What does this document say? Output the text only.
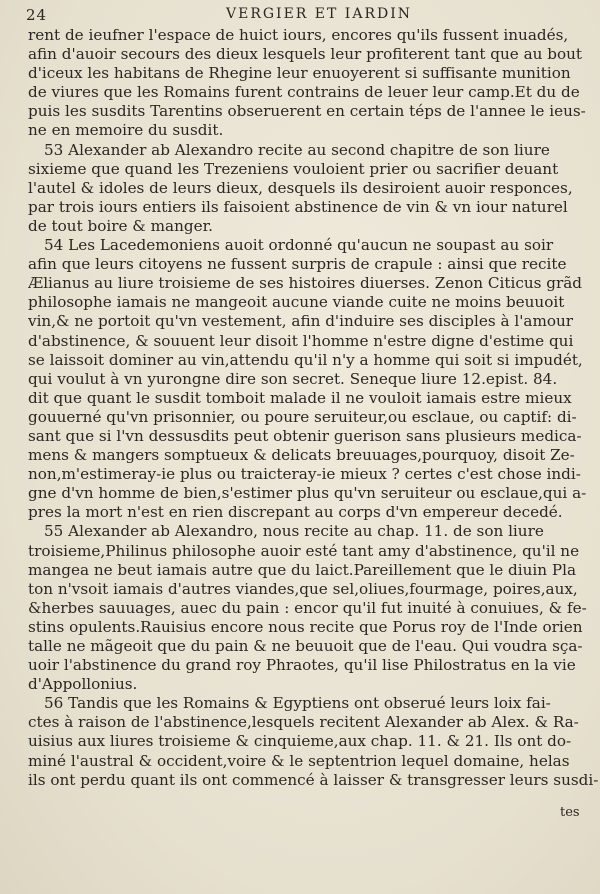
24	VERGIER ET IARDIN
rent de ieufner l'espace de huict iours, encores qu'ils fussent inuadés,
afin d'auoir secours des dieux lesquels leur profiterent tant que au bout
d'iceux les habitans de Rhegine leur enuoyerent si suffisante munition
de viures que les Romains furent contrains de leuer leur camp.Et du de
puis les susdits Tarentins obseruerent en certain téps de l'annee le ieus-
ne en memoire du susdit.
53 Alexander ab Alexandro recite au second chapitre de son liure
sixieme que quand les Trezeniens vouloient prier ou sacrifier deuant
l'autel & idoles de leurs dieux, desquels ils desiroient auoir responces,
par trois iours entiers ils faisoient abstinence de vin & vn iour naturel
de tout boire & manger.
54 Les Lacedemoniens auoit ordonné qu'aucun ne soupast au soir
afin que leurs citoyens ne fussent surpris de crapule : ainsi que recite
Ælianus au liure troisieme de ses histoires diuerses. Zenon Citicus grãd
philosophe iamais ne mangeoit aucune viande cuite ne moins beuuoit
vin,& ne portoit qu'vn vestement, afin d'induire ses disciples à l'amour
d'abstinence, & souuent leur disoit l'homme n'estre digne d'estime qui
se laissoit dominer au vin,attendu qu'il n'y a homme qui soit si impudét,
qui voulut à vn yurongne dire son secret. Seneque liure 12.epist. 84.
dit que quant le susdit tomboit malade il ne vouloit iamais estre mieux
gouuerné qu'vn prisonnier, ou poure seruiteur,ou esclaue, ou captif: di-
sant que si l'vn dessusdits peut obtenir guerison sans plusieurs medica-
mens & mangers somptueux & delicats breuuages,pourquoy, disoit Ze-
non,m'estimeray-ie plus ou traicteray-ie mieux ? certes c'est chose indi-
gne d'vn homme de bien,s'estimer plus qu'vn seruiteur ou esclaue,qui a-
pres la mort n'est en rien discrepant au corps d'vn empereur decedé.
55 Alexander ab Alexandro, nous recite au chap. 11. de son liure
troisieme,Philinus philosophe auoir esté tant amy d'abstinence, qu'il ne
mangea ne beut iamais autre que du laict.Pareillement que le diuin Pla
ton n'vsoit iamais d'autres viandes,que sel,oliues,fourmage, poires,aux,
&herbes sauuages, auec du pain : encor qu'il fut inuité à conuiues, & fe-
stins opulents.Rauisius encore nous recite que Porus roy de l'Inde orien
talle ne mãgeoit que du pain & ne beuuoit que de l'eau. Qui voudra sça-
uoir l'abstinence du grand roy Phraotes, qu'il lise Philostratus en la vie
d'Appollonius.
56 Tandis que les Romains & Egyptiens ont obserué leurs loix fai-
ctes à raison de l'abstinence,lesquels recitent Alexander ab Alex. & Ra-
uisius aux liures troisieme & cinquieme,aux chap. 11. & 21. Ils ont do-
miné l'austral & occident,voire & le septentrion lequel domaine, helas
ils ont perdu quant ils ont commencé à laisser & transgresser leurs susdi-
tes
